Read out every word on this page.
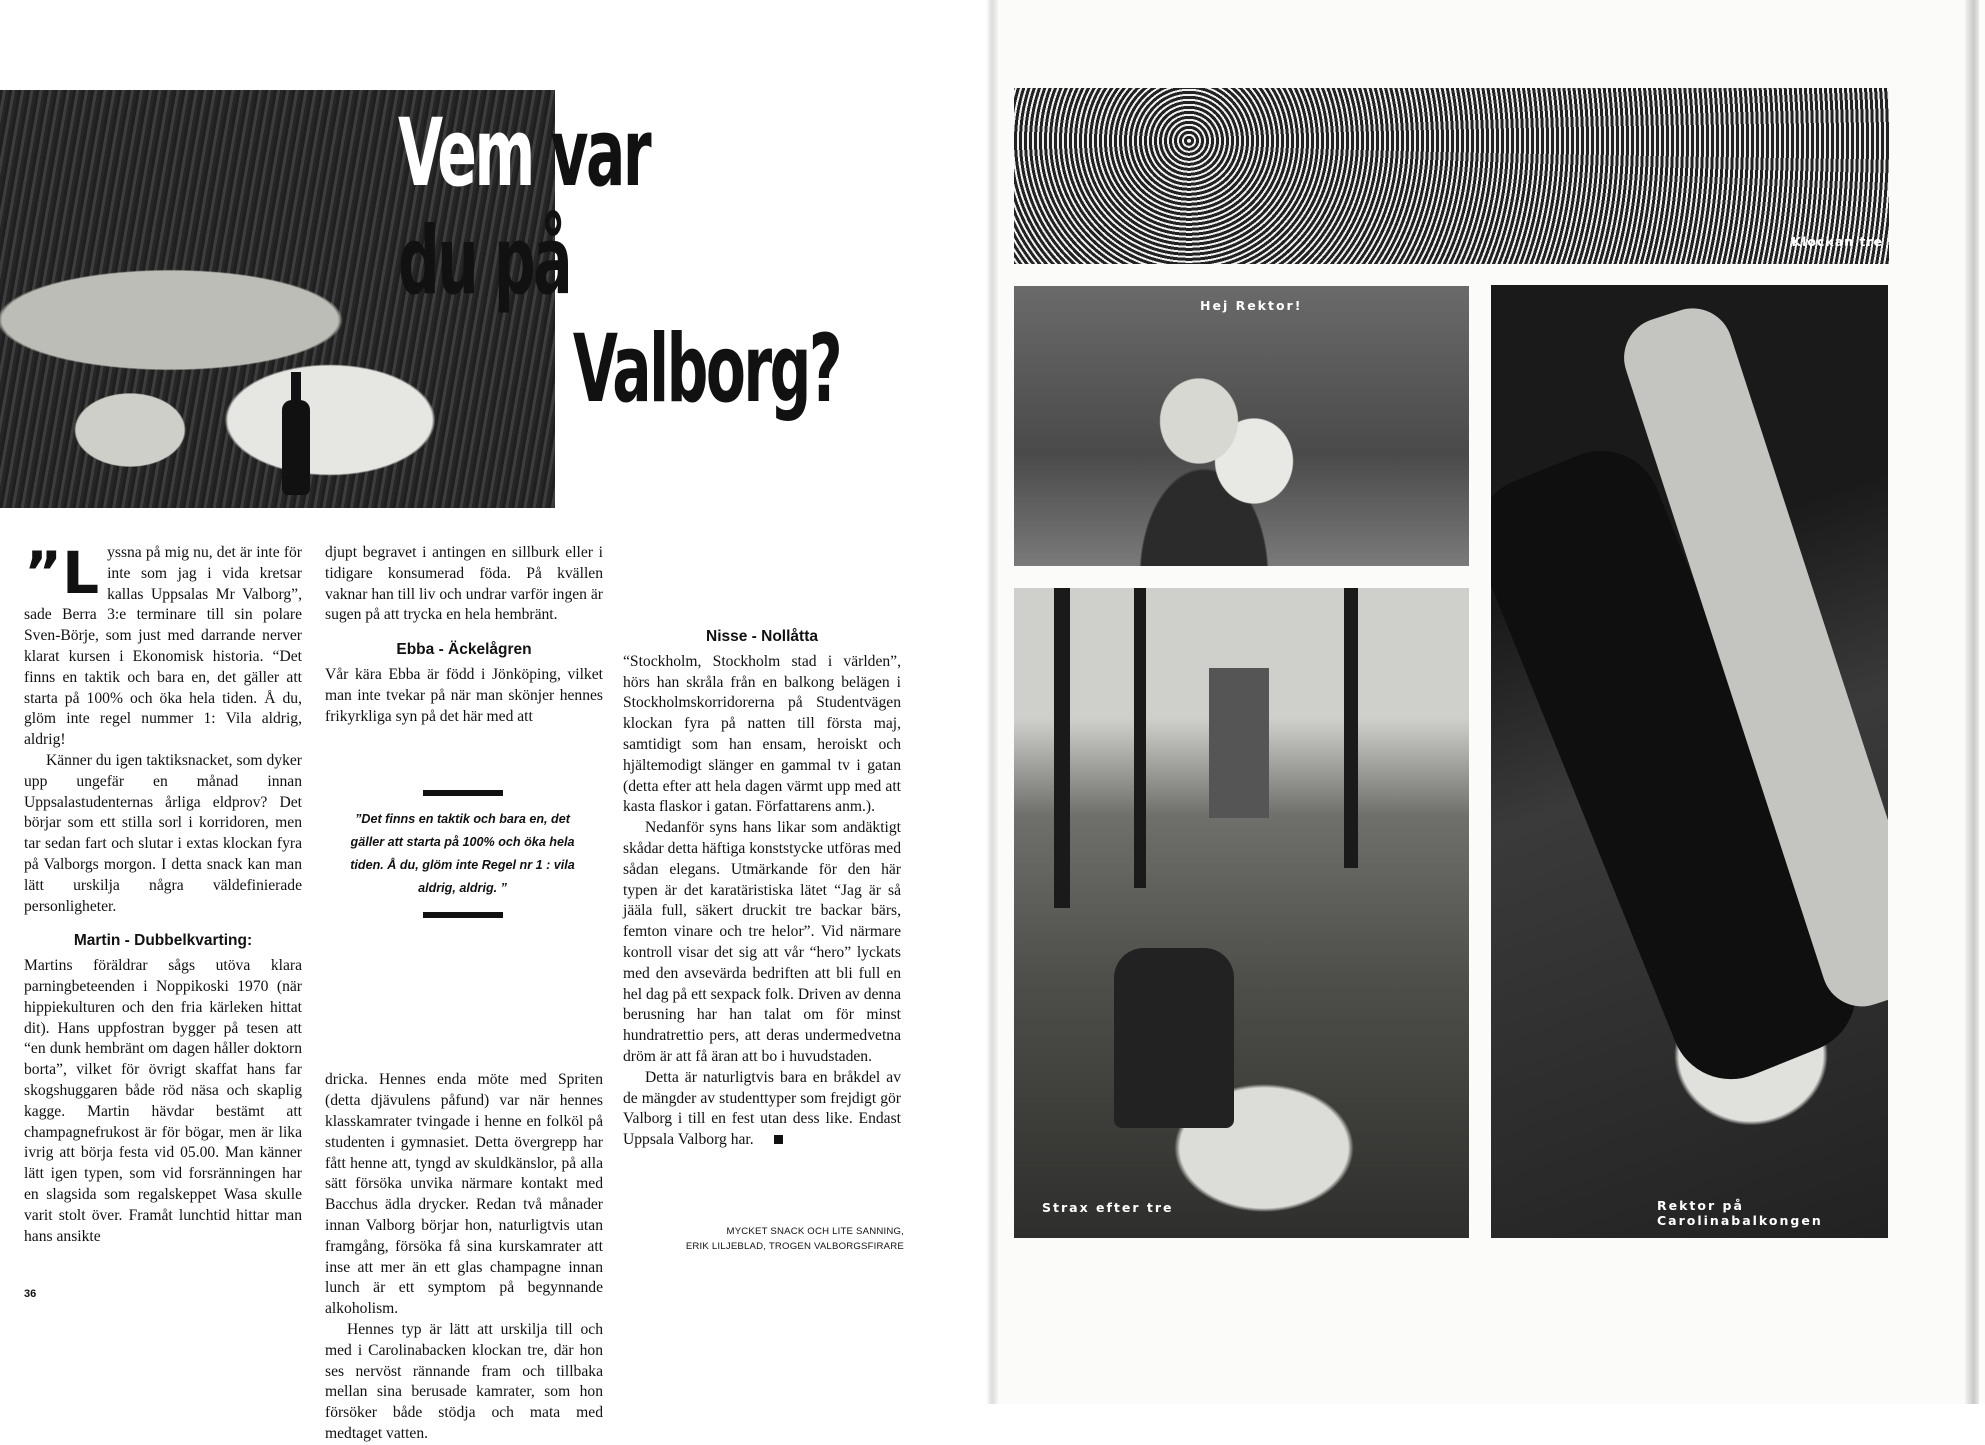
Vem var du på
Valborg?
”L yssna på mig nu, det är inte för inte som jag i vida kretsar kallas Uppsalas Mr Valborg”, sade Berra 3:e terminare till sin polare Sven-Börje, som just med darrande nerver klarat kursen i Ekonomisk historia. “Det finns en taktik och bara en, det gäller att starta på 100% och öka hela tiden. Å du, glöm inte regel nummer 1: Vila aldrig, aldrig!

Känner du igen taktiksnacket, som dyker upp ungefär en månad innan Uppsalastudenternas årliga eldprov? Det börjar som ett stilla sorl i korridoren, men tar sedan fart och slutar i extas klockan fyra på Valborgs morgon. I detta snack kan man lätt urskilja några väldefinierade personligheter.

Martin - Dubbelkvarting:

Martins föräldrar sågs utöva klara parningbeteenden i Noppikoski 1970 (när hippiekulturen och den fria kärleken hittat dit). Hans uppfostran bygger på tesen att “en dunk hembränt om dagen håller doktorn borta”, vilket för övrigt skaffat hans far skogshuggaren både röd näsa och skaplig kagge. Martin hävdar bestämt att champagnefrukost är för bögar, men är lika ivrig att börja festa vid 05.00. Man känner lätt igen typen, som vid forsränningen har en slagsida som regalskeppet Wasa skulle varit stolt över. Framåt lunchtid hittar man hans ansikte

djupt begravet i antingen en sillburk eller i tidigare konsumerad föda. På kvällen vaknar han till liv och undrar varför ingen är sugen på att trycka en hela hembränt.

Ebba - Äckelågren

Vår kära Ebba är född i Jönköping, vilket man inte tvekar på när man skönjer hennes frikyrkliga syn på det här med att

dricka. Hennes enda möte med Spriten (detta djävulens påfund) var när hennes klasskamrater tvingade i henne en folköl på studenten i gymnasiet. Detta övergrepp har fått henne att, tyngd av skuldkänslor, på alla sätt försöka unvika närmare kontakt med Bacchus ädla drycker. Redan två månader innan Valborg börjar hon, naturligtvis utan framgång, försöka få sina kurskamrater att inse att mer än ett glas champagne innan lunch är ett symptom på begynnande alkoholism.

Hennes typ är lätt att urskilja till och med i Carolinabacken klockan tre, där hon ses nervöst rännande fram och tillbaka mellan sina berusade kamrater, som hon försöker både stödja och mata med medtaget vatten.

”Det finns en taktik och bara en, det gäller att starta på 100% och öka hela tiden. Å du, glöm inte Regel nr 1 : vila aldrig, aldrig. ”

Nisse - Nollåtta

“Stockholm, Stockholm stad i världen”, hörs han skråla från en balkong belägen i Stockholmskorridorerna på Studentvägen klockan fyra på natten till första maj, samtidigt som han ensam, heroiskt och hjältemodigt slänger en gammal tv i gatan (detta efter att hela dagen värmt upp med att kasta flaskor i gatan. Författarens anm.).

Nedanför syns hans likar som andäktigt skådar detta häftiga konststycke utföras med sådan elegans. Utmärkande för den här typen är det karatäristiska lätet “Jag är så jääla full, säkert druckit tre backar bärs, femton vinare och tre helor”. Vid närmare kontroll visar det sig att vår “hero” lyckats med den avsevärda bedriften att bli full en hel dag på ett sexpack folk. Driven av denna berusning har han talat om för minst hundratrettio pers, att deras undermedvetna dröm är att få äran att bo i huvudstaden.

Detta är naturligtvis bara en bråkdel av de mängder av studenttyper som frejdigt gör Valborg i till en fest utan dess like. Endast Uppsala Valborg har.

MYCKET SNACK OCH LITE SANNING,
ERIK LILJEBLAD, TROGEN VALBORGSFIRARE
36
Klockan tre
Hej Rektor!
Strax efter tre	Rektor på Carolinabalkongen
